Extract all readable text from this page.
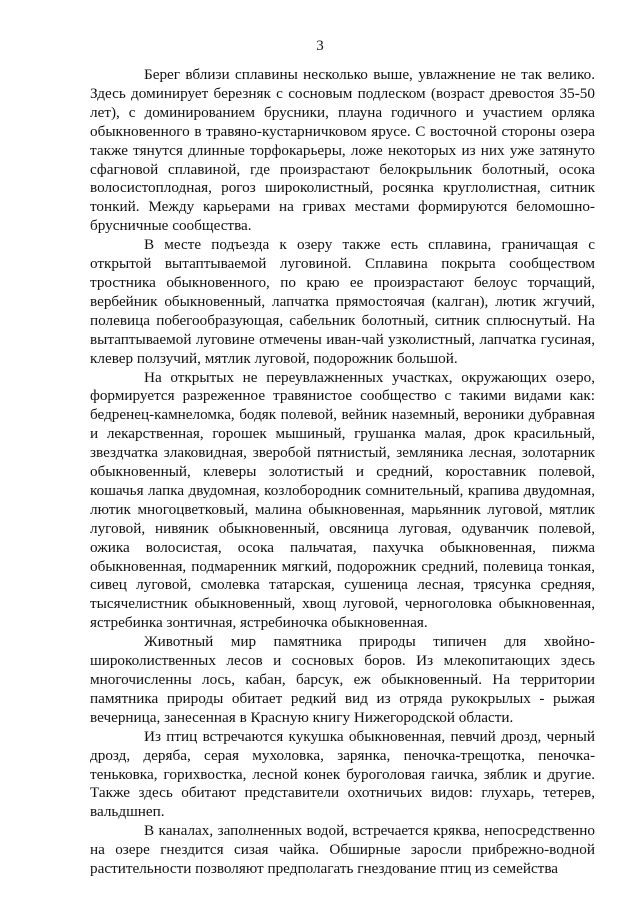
3

Берег вблизи сплавины несколько выше, увлажнение не так велико. Здесь доминирует березняк с сосновым подлеском (возраст древостоя 35-50 лет), с доминированием брусники, плауна годичного и участием орляка обыкновенного в травяно-кустарничковом ярусе. С восточной стороны озера также тянутся длинные торфокарьеры, ложе некоторых из них уже затянуто сфагновой сплавиной, где произрастают белокрыльник болотный, осока волосистоплодная, рогоз широколистный, росянка круглолистная, ситник тонкий. Между карьерами на гривах местами формируются беломошно-брусничные сообщества.

В месте подъезда к озеру также есть сплавина, граничащая с открытой вытаптываемой луговиной. Сплавина покрыта сообществом тростника обыкновенного, по краю ее произрастают белоус торчащий, вербейник обыкновенный, лапчатка прямостоячая (калган), лютик жгучий, полевица побегообразующая, сабельник болотный, ситник сплюснутый. На вытаптываемой луговине отмечены иван-чай узколистный, лапчатка гусиная, клевер ползучий, мятлик луговой, подорожник большой.

На открытых не переувлажненных участках, окружающих озеро, формируется разреженное травянистое сообщество с такими видами как: бедренец-камнеломка, бодяк полевой, вейник наземный, вероники дубравная и лекарственная, горошек мышиный, грушанка малая, дрок красильный, звездчатка злаковидная, зверобой пятнистый, земляника лесная, золотарник обыкновенный, клеверы золотистый и средний, короставник полевой, кошачья лапка двудомная, козлобородник сомнительный, крапива двудомная, лютик многоцветковый, малина обыкновенная, марьянник луговой, мятлик луговой, нивяник обыкновенный, овсяница луговая, одуванчик полевой, ожика волосистая, осока пальчатая, пахучка обыкновенная, пижма обыкновенная, подмаренник мягкий, подорожник средний, полевица тонкая, сивец луговой, смолевка татарская, сушеница лесная, трясунка средняя, тысячелистник обыкновенный, хвощ луговой, черноголовка обыкновенная, ястребинка зонтичная, ястребиночка обыкновенная.

Животный мир памятника природы типичен для хвойно-широколиственных лесов и сосновых боров. Из млекопитающих здесь многочисленны лось, кабан, барсук, еж обыкновенный. На территории памятника природы обитает редкий вид из отряда рукокрылых - рыжая вечерница, занесенная в Красную книгу Нижегородской области.

Из птиц встречаются кукушка обыкновенная, певчий дрозд, черный дрозд, деряба, серая мухоловка, зарянка, пеночка-трещотка, пеночка-теньковка, горихвостка, лесной конек буроголовая гаичка, зяблик и другие. Также здесь обитают представители охотничьих видов: глухарь, тетерев, вальдшнеп.

В каналах, заполненных водой, встречается кряква, непосредственно на озере гнездится сизая чайка. Обширные заросли прибрежно-водной растительности позволяют предполагать гнездование птиц из семейства
